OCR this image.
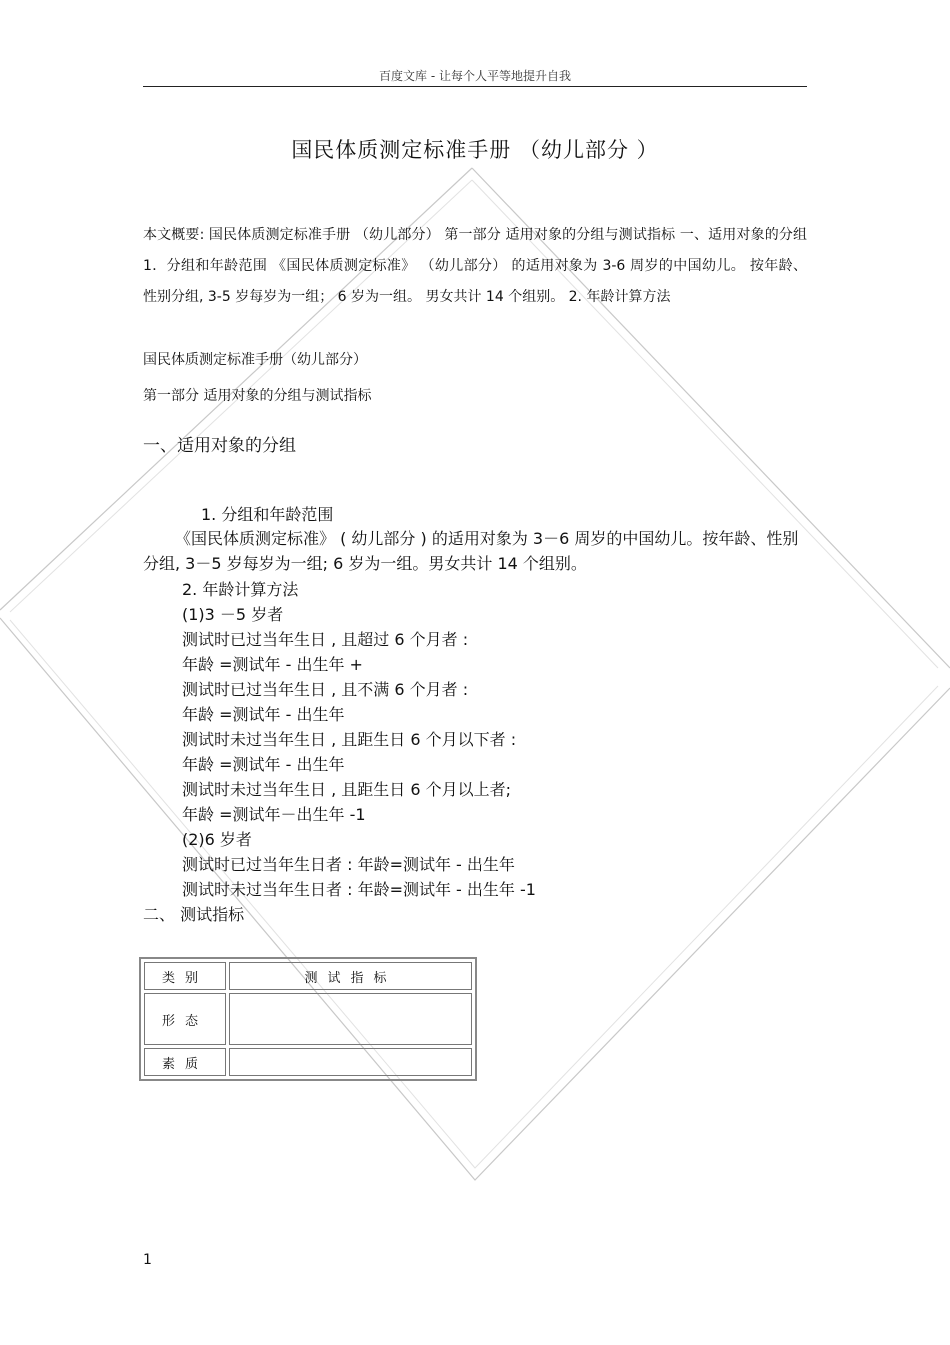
百度文库 - 让每个人平等地提升自我
国民体质测定标准手册 （幼儿部分 ）
本文概要: 国民体质测定标准手册 （幼儿部分） 第一部分 适用对象的分组与测试指标 一、适用对象的分组 1．分组和年龄范围 《国民体质测定标准》 （幼儿部分） 的适用对象为 3-6 周岁的中国幼儿。 按年龄、 性别分组, 3-5 岁每岁为一组； 6 岁为一组。 男女共计 14 个组别。 2. 年龄计算方法
国民体质测定标准手册（幼儿部分）
第一部分 适用对象的分组与测试指标
一、适用对象的分组
1. 分组和年龄范围
《国民体质测定标准》 ( 幼儿部分 ) 的适用对象为 3－6 周岁的中国幼儿。按年龄、性别分组, 3－5 岁每岁为一组; 6 岁为一组。男女共计 14 个组别。
2. 年龄计算方法
(1)3 －5 岁者
测试时已过当年生日 , 且超过 6 个月者 :
年龄 =测试年 - 出生年 +
测试时已过当年生日 , 且不满 6 个月者 :
年龄 =测试年 - 出生年
测试时未过当年生日 , 且距生日 6 个月以下者 :
年龄 =测试年 - 出生年
测试时未过当年生日 , 且距生日 6 个月以上者;
年龄 =测试年－出生年 -1
(2)6 岁者
测试时已过当年生日者 : 年龄=测试年 - 出生年
测试时未过当年生日者 : 年龄=测试年 - 出生年 -1
二、 测试指标
类别	测试指标
形态	
素质	
1
